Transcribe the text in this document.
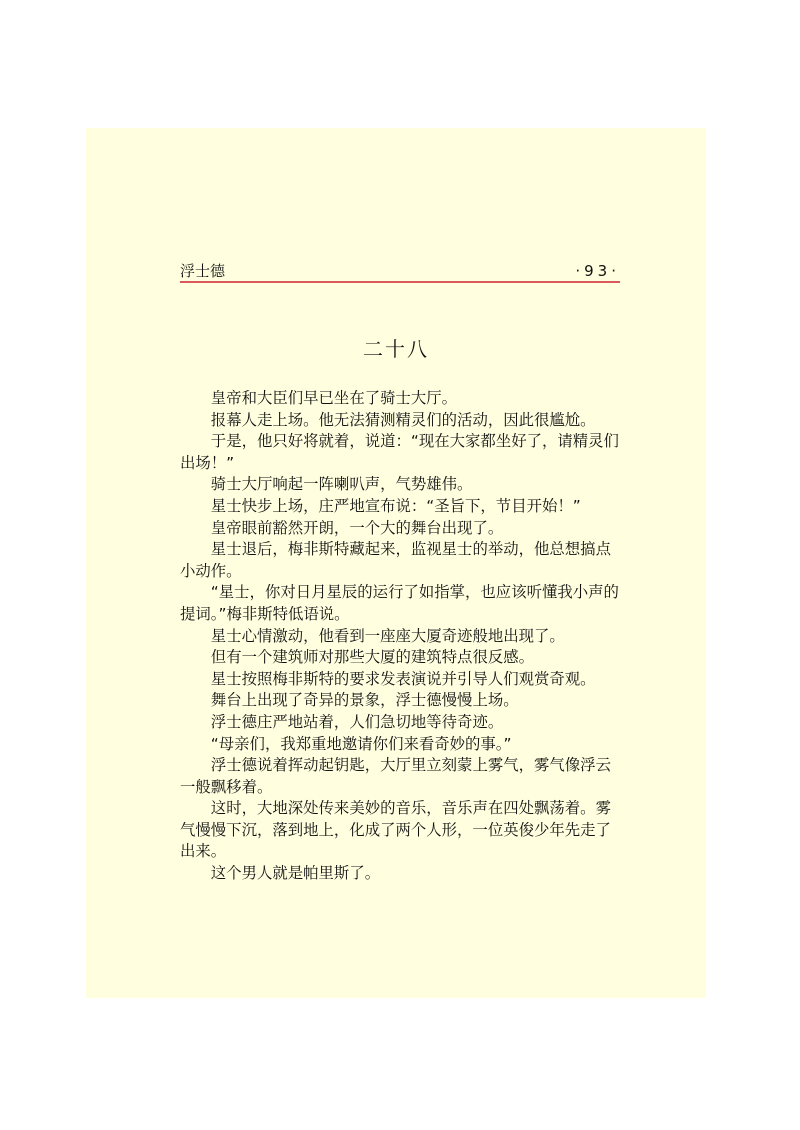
浮士德	·93·
二十八

皇帝和大臣们早已坐在了骑士大厅。

报幕人走上场。他无法猜测精灵们的活动，因此很尴尬。

于是，他只好将就着，说道：“现在大家都坐好了，请精灵们出场！”

骑士大厅响起一阵喇叭声，气势雄伟。

星士快步上场，庄严地宣布说：“圣旨下，节目开始！”

皇帝眼前豁然开朗，一个大的舞台出现了。

星士退后，梅非斯特藏起来，监视星士的举动，他总想搞点小动作。

“星士，你对日月星辰的运行了如指掌，也应该听懂我小声的提词。”梅非斯特低语说。

星士心情激动，他看到一座座大厦奇迹般地出现了。

但有一个建筑师对那些大厦的建筑特点很反感。

星士按照梅非斯特的要求发表演说并引导人们观赏奇观。

舞台上出现了奇异的景象，浮士德慢慢上场。

浮士德庄严地站着，人们急切地等待奇迹。

“母亲们，我郑重地邀请你们来看奇妙的事。”

浮士德说着挥动起钥匙，大厅里立刻蒙上雾气，雾气像浮云一般飘移着。

这时，大地深处传来美妙的音乐，音乐声在四处飘荡着。雾气慢慢下沉，落到地上，化成了两个人形，一位英俊少年先走了出来。

这个男人就是帕里斯了。
